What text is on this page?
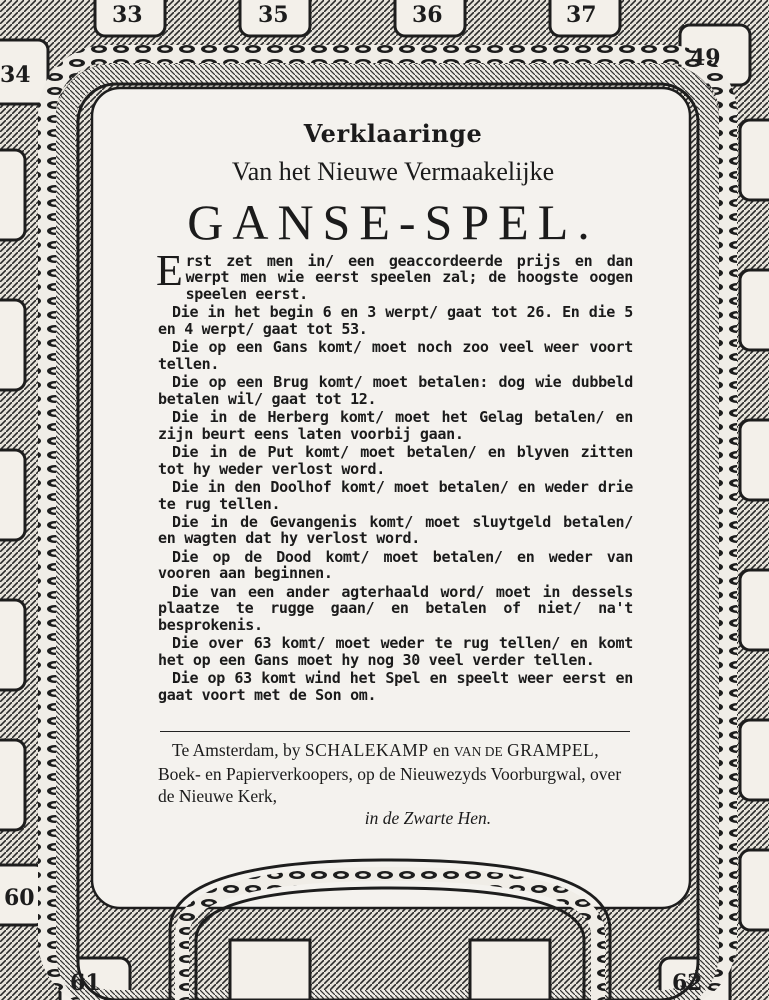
33	35	36	37
34
49
60
61	62
Verklaaringe
Van het Nieuwe Vermaakelijke
GANSE-SPEL.

Erst zet men in/ een geaccordeerde prijs en dan werpt men wie eerst speelen zal; de hoogste oogen speelen eerst.

Die in het begin 6 en 3 werpt/ gaat tot 26. En die 5 en 4 werpt/ gaat tot 53.

Die op een Gans komt/ moet noch zoo veel weer voort tellen.

Die op een Brug komt/ moet betalen: dog wie dubbeld betalen wil/ gaat tot 12.

Die in de Herberg komt/ moet het Gelag betalen/ en zijn beurt eens laten voorbij gaan.

Die in de Put komt/ moet betalen/ en blyven zitten tot hy weder verlost word.

Die in den Doolhof komt/ moet betalen/ en weder drie te rug tellen.

Die in de Gevangenis komt/ moet sluytgeld betalen/ en wagten dat hy verlost word.

Die op de Dood komt/ moet betalen/ en weder van vooren aan beginnen.

Die van een ander agterhaald word/ moet in dessels plaatze te rugge gaan/ en betalen of niet/ na't besprokenis.

Die over 63 komt/ moet weder te rug tellen/ en komt het op een Gans moet hy nog 30 veel verder tellen.

Die op 63 komt wind het Spel en speelt weer eerst en gaat voort met de Son om.

Te Amsterdam, by SCHALEKAMP en VAN DE GRAMPEL, Boek- en Papierverkoopers, op de Nieuwezyds Voorburgwal, over de Nieuwe Kerk,
in de Zwarte Hen.
